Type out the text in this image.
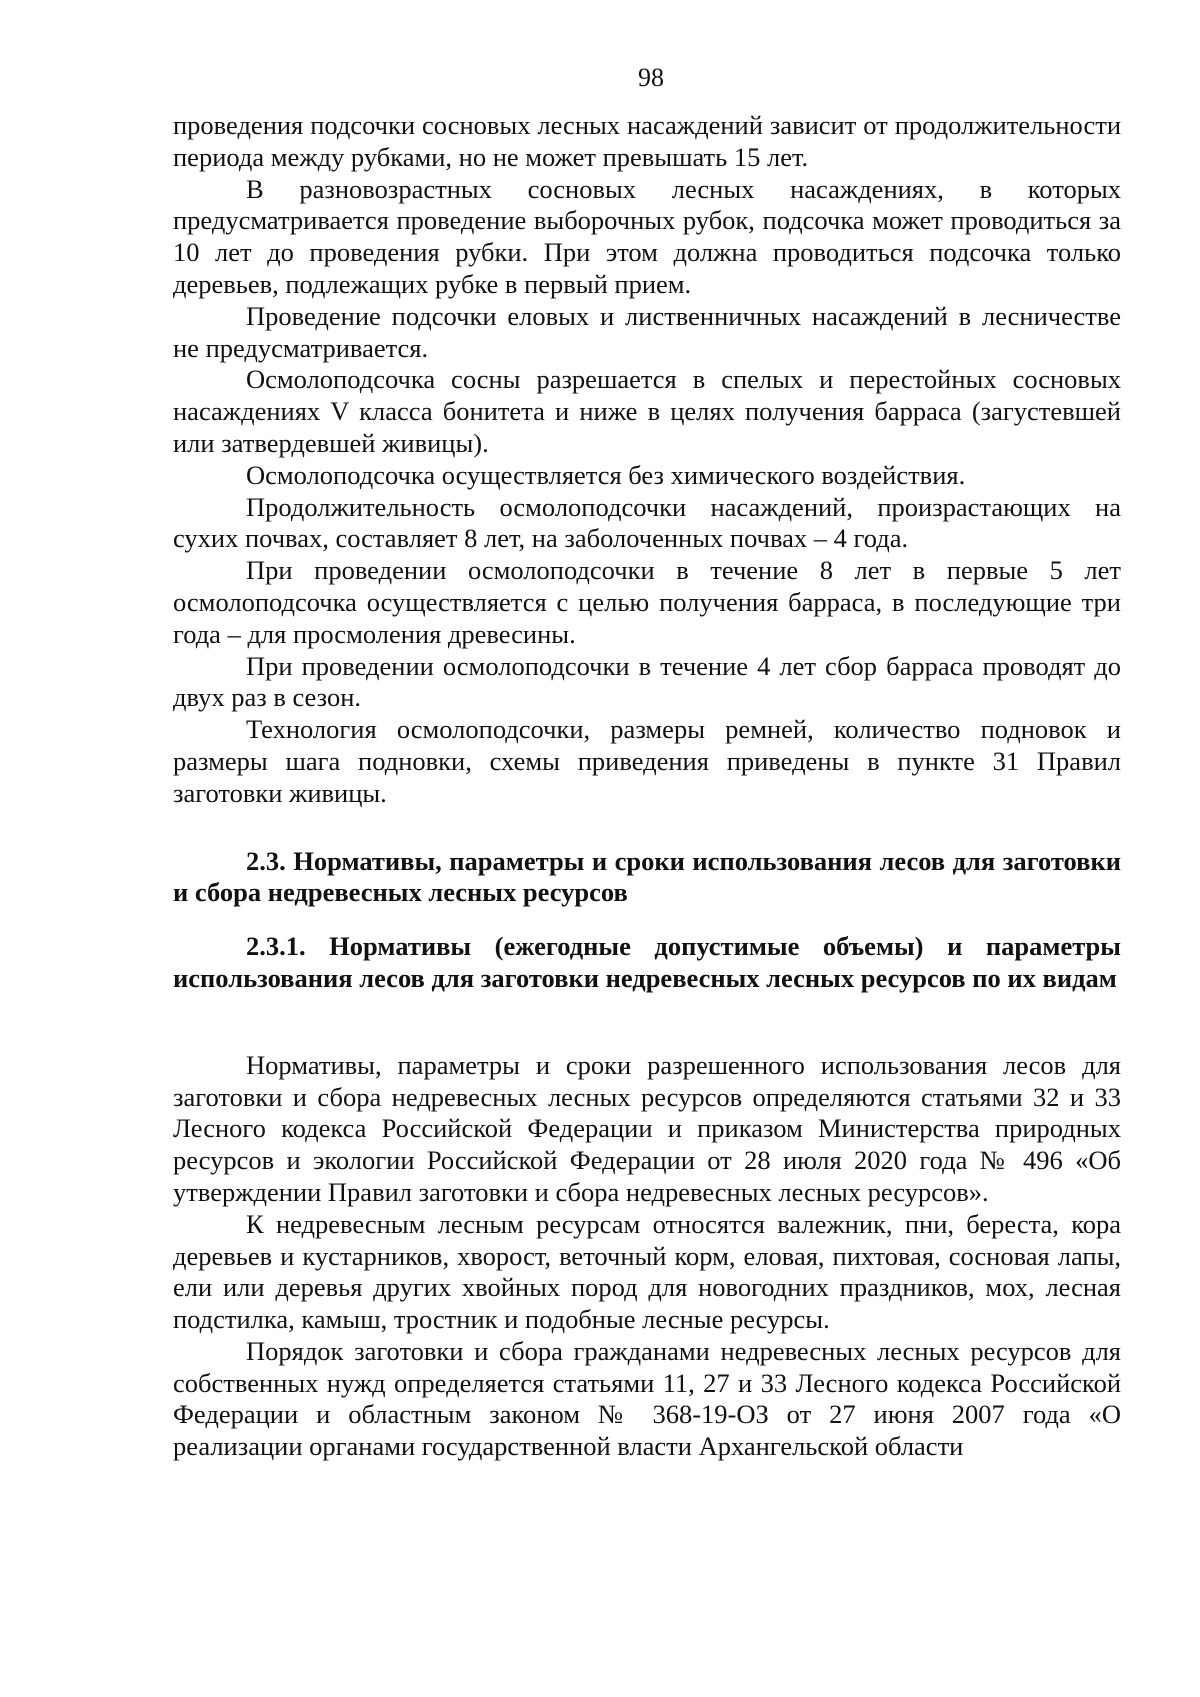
98

проведения подсочки сосновых лесных насаждений зависит от продолжительности периода между рубками, но не может превышать 15 лет.

В разновозрастных сосновых лесных насаждениях, в которых предусматривается проведение выборочных рубок, подсочка может проводиться за 10 лет до проведения рубки. При этом должна проводиться подсочка только деревьев, подлежащих рубке в первый прием.

Проведение подсочки еловых и лиственничных насаждений в лесничестве не предусматривается.

Осмолоподсочка сосны разрешается в спелых и перестойных сосновых насаждениях V класса бонитета и ниже в целях получения барраса (загустевшей или затвердевшей живицы).

Осмолоподсочка осуществляется без химического воздействия.

Продолжительность осмолоподсочки насаждений, произрастающих на сухих почвах, составляет 8 лет, на заболоченных почвах – 4 года.

При проведении осмолоподсочки в течение 8 лет в первые 5 лет осмолоподсочка осуществляется с целью получения барраса, в последующие три года – для просмоления древесины.

При проведении осмолоподсочки в течение 4 лет сбор барраса проводят до двух раз в сезон.

Технология осмолоподсочки, размеры ремней, количество подновок и размеры шага подновки, схемы приведения приведены в пункте 31 Правил заготовки живицы.

2.3. Нормативы, параметры и сроки использования лесов для заготовки и сбора недревесных лесных ресурсов
2.3.1. Нормативы (ежегодные допустимые объемы) и параметры использования лесов для заготовки недревесных лесных ресурсов по их видам

Нормативы, параметры и сроки разрешенного использования лесов для заготовки и сбора недревесных лесных ресурсов определяются статьями 32 и 33 Лесного кодекса Российской Федерации и приказом Министерства природных ресурсов и экологии Российской Федерации от 28 июля 2020 года № 496 «Об утверждении Правил заготовки и сбора недревесных лесных ресурсов».

К недревесным лесным ресурсам относятся валежник, пни, береста, кора деревьев и кустарников, хворост, веточный корм, еловая, пихтовая, сосновая лапы, ели или деревья других хвойных пород для новогодних праздников, мох, лесная подстилка, камыш, тростник и подобные лесные ресурсы.

Порядок заготовки и сбора гражданами недревесных лесных ресурсов для собственных нужд определяется статьями 11, 27 и 33 Лесного кодекса Российской Федерации и областным законом № 368-19-ОЗ от 27 июня 2007 года «О реализации органами государственной власти Архангельской области
